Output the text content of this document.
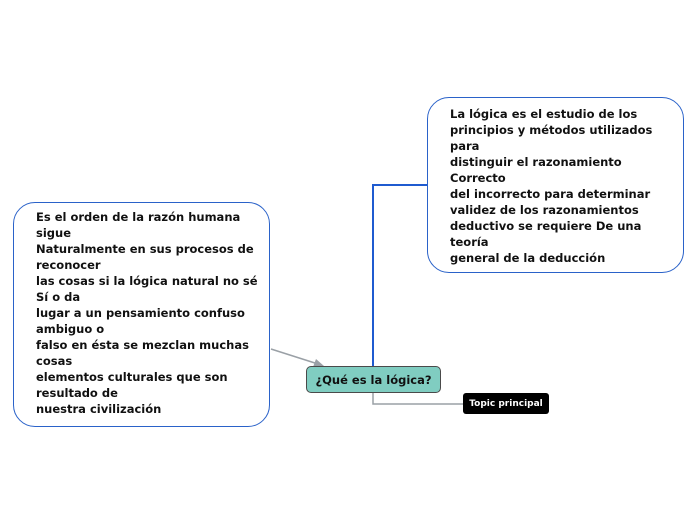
La lógica es el estudio de los
principios y métodos utilizados
para
distinguir el razonamiento
Correcto
del incorrecto para determinar
validez de los razonamientos
deductivo se requiere De una
teoría
general de la deducción
Es el orden de la razón humana
sigue
Naturalmente en sus procesos de
reconocer
las cosas si la lógica natural no sé
Sí o da
lugar a un pensamiento confuso
ambiguo o
falso en ésta se mezclan muchas
cosas
elementos culturales que son
resultado de
nuestra civilización
¿Qué es la lógica?
Topic principal
